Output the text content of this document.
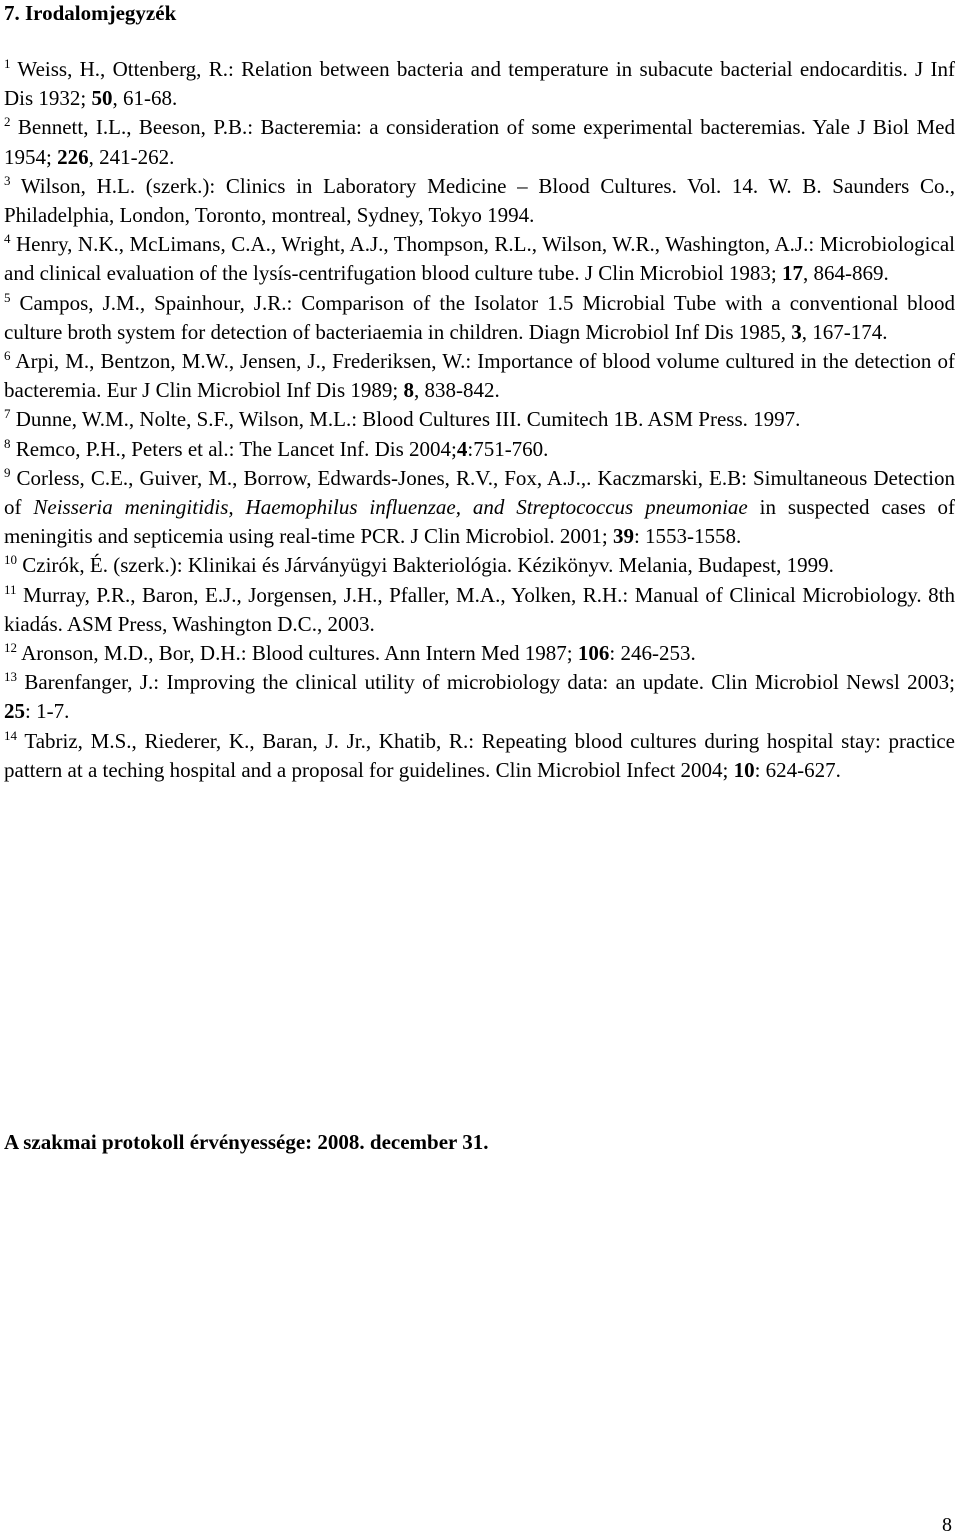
7. Irodalomjegyzék

$^1$ Weiss, H., Ottenberg, R.: Relation between bacteria and temperature in subacute bacterial endocarditis. J Inf Dis 1932; 50, 61-68.

$^2$ Bennett, I.L., Beeson, P.B.: Bacteremia: a consideration of some experimental bacteremias. Yale J Biol Med 1954; 226, 241-262.

$^3$ Wilson, H.L. (szerk.): Clinics in Laboratory Medicine – Blood Cultures. Vol. 14. W. B. Saunders Co., Philadelphia, London, Toronto, montreal, Sydney, Tokyo 1994.

$^4$ Henry, N.K., McLimans, C.A., Wright, A.J., Thompson, R.L., Wilson, W.R., Washington, A.J.: Microbiological and clinical evaluation of the lysís-centrifugation blood culture tube. J Clin Microbiol 1983; 17, 864-869.

$^5$ Campos, J.M., Spainhour, J.R.: Comparison of the Isolator 1.5 Microbial Tube with a conventional blood culture broth system for detection of bacteriaemia in children. Diagn Microbiol Inf Dis 1985, 3, 167-174.

$^6$ Arpi, M., Bentzon, M.W., Jensen, J., Frederiksen, W.: Importance of blood volume cultured in the detection of bacteremia. Eur J Clin Microbiol Inf Dis 1989; 8, 838-842.

$^7$ Dunne, W.M., Nolte, S.F., Wilson, M.L.: Blood Cultures III. Cumitech 1B. ASM Press. 1997.

$^8$ Remco, P.H., Peters et al.: The Lancet Inf. Dis 2004;4:751-760.

$^9$ Corless, C.E., Guiver, M., Borrow, Edwards-Jones, R.V., Fox, A.J.,. Kaczmarski, E.B: Simultaneous Detection of Neisseria meningitidis, Haemophilus influenzae, and Streptococcus pneumoniae in suspected cases of meningitis and septicemia using real-time PCR. J Clin Microbiol. 2001; 39: 1553-1558.

$^{10}$ Czirók, É. (szerk.): Klinikai és Járványügyi Bakteriológia. Kézikönyv. Melania, Budapest, 1999.

$^{11}$ Murray, P.R., Baron, E.J., Jorgensen, J.H., Pfaller, M.A., Yolken, R.H.: Manual of Clinical Microbiology. 8th kiadás. ASM Press, Washington D.C., 2003.

$^{12}$ Aronson, M.D., Bor, D.H.: Blood cultures. Ann Intern Med 1987; 106: 246-253.

$^{13}$ Barenfanger, J.: Improving the clinical utility of microbiology data: an update. Clin Microbiol Newsl 2003; 25: 1-7.

$^{14}$ Tabriz, M.S., Riederer, K., Baran, J. Jr., Khatib, R.: Repeating blood cultures during hospital stay: practice pattern at a teching hospital and a proposal for guidelines. Clin Microbiol Infect 2004; 10: 624-627.

A szakmai protokoll érvényessége: 2008. december 31.

8
